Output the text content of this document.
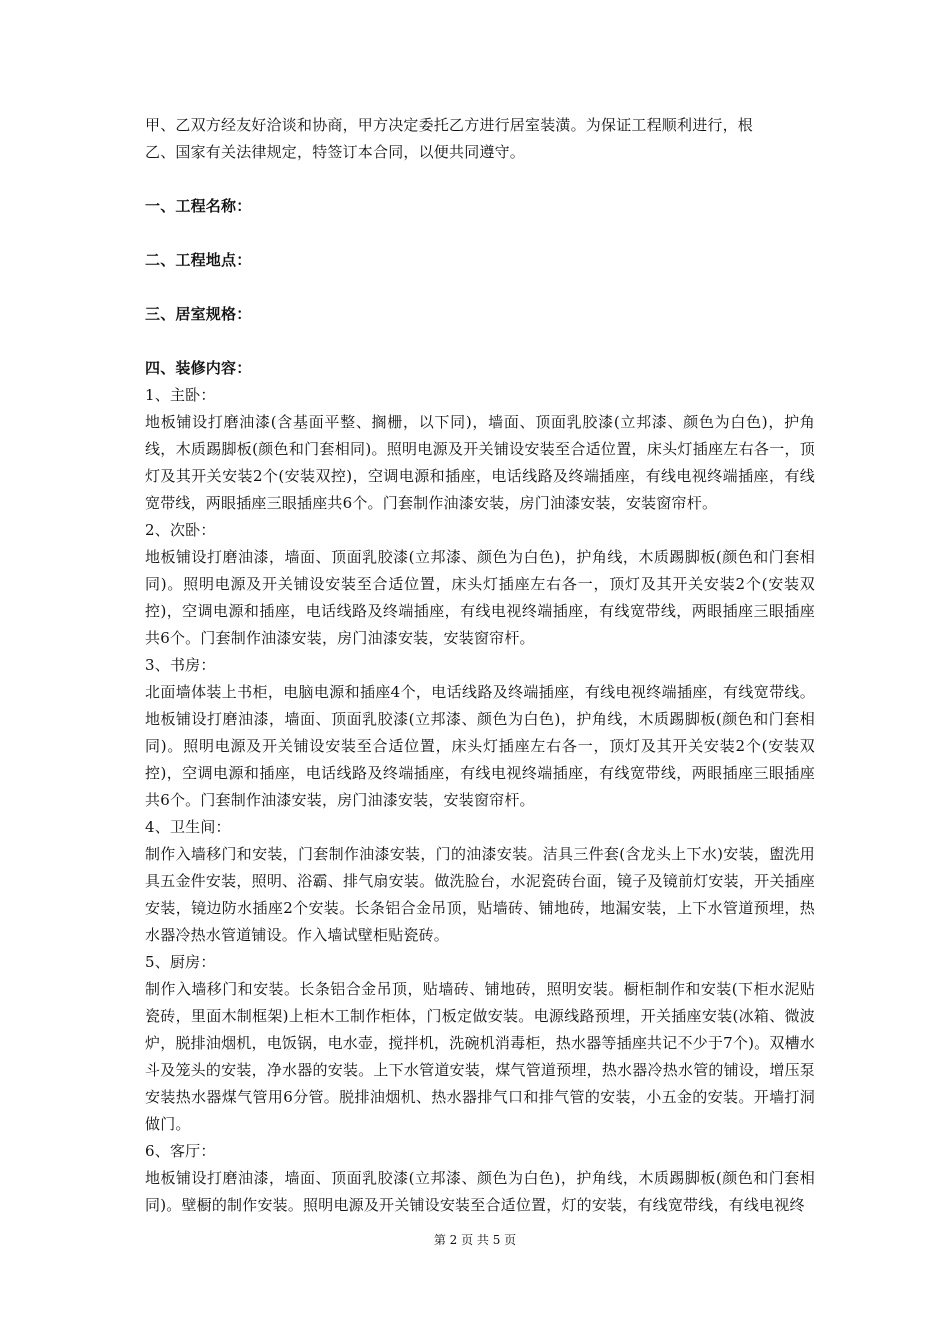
甲、乙双方经友好洽谈和协商，甲方决定委托乙方进行居室装潢。为保证工程顺利进行，根
乙、国家有关法律规定，特签订本合同，以便共同遵守。

一、工程名称：

二、工程地点：

三、居室规格：

四、装修内容：

1、主卧：

地板铺设打磨油漆(含基面平整、搁栅，以下同)，墙面、顶面乳胶漆(立邦漆、颜色为白色)，护角线，木质踢脚板(颜色和门套相同)。照明电源及开关铺设安装至合适位置，床头灯插座左右各一，顶灯及其开关安装2个(安装双控)，空调电源和插座，电话线路及终端插座，有线电视终端插座，有线宽带线，两眼插座三眼插座共6个。门套制作油漆安装，房门油漆安装，安装窗帘杆。

2、次卧：

地板铺设打磨油漆，墙面、顶面乳胶漆(立邦漆、颜色为白色)，护角线，木质踢脚板(颜色和门套相同)。照明电源及开关铺设安装至合适位置，床头灯插座左右各一，顶灯及其开关安装2个(安装双控)，空调电源和插座，电话线路及终端插座，有线电视终端插座，有线宽带线，两眼插座三眼插座共6个。门套制作油漆安装，房门油漆安装，安装窗帘杆。

3、书房：

北面墙体装上书柜，电脑电源和插座4个，电话线路及终端插座，有线电视终端插座，有线宽带线。地板铺设打磨油漆，墙面、顶面乳胶漆(立邦漆、颜色为白色)，护角线，木质踢脚板(颜色和门套相同)。照明电源及开关铺设安装至合适位置，床头灯插座左右各一，顶灯及其开关安装2个(安装双控)，空调电源和插座，电话线路及终端插座，有线电视终端插座，有线宽带线，两眼插座三眼插座共6个。门套制作油漆安装，房门油漆安装，安装窗帘杆。

4、卫生间：

制作入墙移门和安装，门套制作油漆安装，门的油漆安装。洁具三件套(含龙头上下水)安装，盥洗用具五金件安装，照明、浴霸、排气扇安装。做洗脸台，水泥瓷砖台面，镜子及镜前灯安装，开关插座安装，镜边防水插座2个安装。长条铝合金吊顶，贴墙砖、铺地砖，地漏安装，上下水管道预埋，热水器冷热水管道铺设。作入墙试壁柜贴瓷砖。

5、厨房：

制作入墙移门和安装。长条铝合金吊顶，贴墙砖、铺地砖，照明安装。橱柜制作和安装(下柜水泥贴瓷砖，里面木制框架)上柜木工制作柜体，门板定做安装。电源线路预埋，开关插座安装(冰箱、微波炉，脱排油烟机，电饭锅，电水壶，搅拌机，洗碗机消毒柜，热水器等插座共记不少于7个)。双槽水斗及笼头的安装，净水器的安装。上下水管道安装，煤气管道预埋，热水器冷热水管的铺设，增压泵安装热水器煤气管用6分管。脱排油烟机、热水器排气口和排气管的安装，小五金的安装。开墙打洞做门。

6、客厅：

地板铺设打磨油漆，墙面、顶面乳胶漆(立邦漆、颜色为白色)，护角线，木质踢脚板(颜色和门套相同)。壁橱的制作安装。照明电源及开关铺设安装至合适位置，灯的安装，有线宽带线，有线电视终

第 2 页 共 5 页
